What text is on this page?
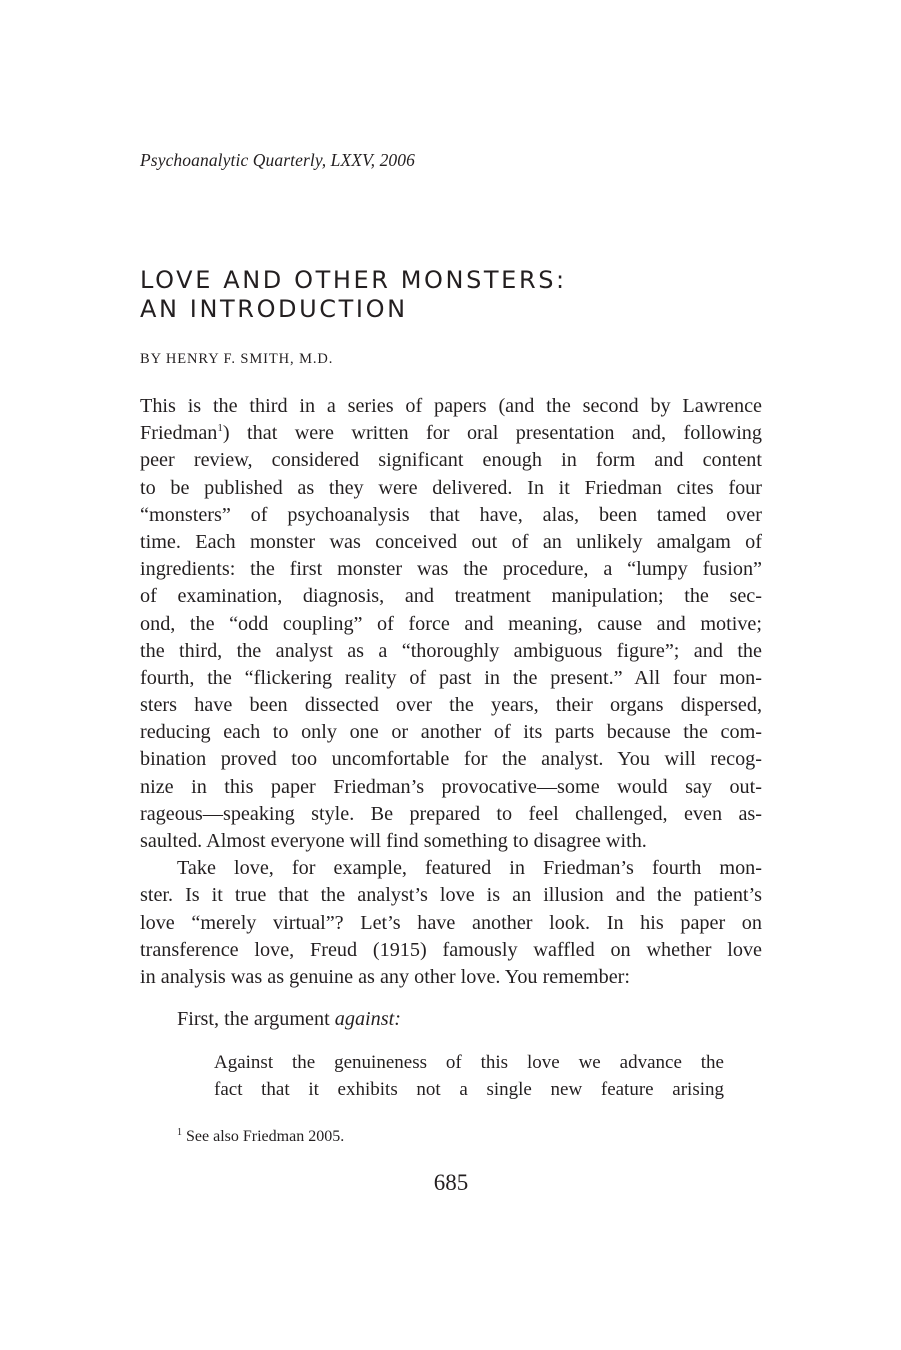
Psychoanalytic Quarterly, LXXV, 2006
LOVE AND OTHER MONSTERS:
AN INTRODUCTION
BY HENRY F. SMITH, M.D.
This is the third in a series of papers (and the second by Lawrence
Friedman$^1$) that were written for oral presentation and, following
peer review, considered significant enough in form and content
to be published as they were delivered. In it Friedman cites four
“monsters” of psychoanalysis that have, alas, been tamed over
time. Each monster was conceived out of an unlikely amalgam of
ingredients: the first monster was the procedure, a “lumpy fusion”
of examination, diagnosis, and treatment manipulation; the sec-
ond, the “odd coupling” of force and meaning, cause and motive;
the third, the analyst as a “thoroughly ambiguous figure”; and the
fourth, the “flickering reality of past in the present.” All four mon-
sters have been dissected over the years, their organs dispersed,
reducing each to only one or another of its parts because the com-
bination proved too uncomfortable for the analyst. You will recog-
nize in this paper Friedman’s provocative—some would say out-
rageous—speaking style. Be prepared to feel challenged, even as-
saulted. Almost everyone will find something to disagree with.
Take love, for example, featured in Friedman’s fourth mon-
ster. Is it true that the analyst’s love is an illusion and the patient’s
love “merely virtual”? Let’s have another look. In his paper on
transference love, Freud (1915) famously waffled on whether love
in analysis was as genuine as any other love. You remember:
First, the argument against:
Against the genuineness of this love we advance the
fact that it exhibits not a single new feature arising
$^1$ See also Friedman 2005.
685
